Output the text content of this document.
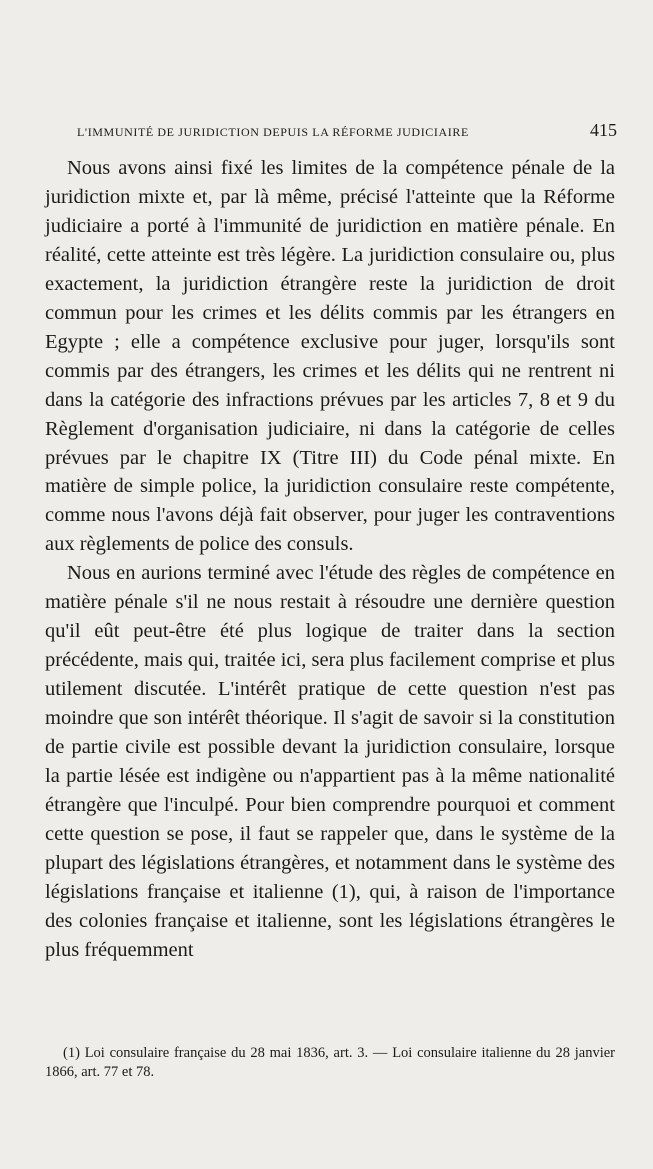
L'IMMUNITÉ DE JURIDICTION DEPUIS LA RÉFORME JUDICIAIRE	415

Nous avons ainsi fixé les limites de la compétence pénale de la juridiction mixte et, par là même, précisé l'atteinte que la Réforme judiciaire a porté à l'immunité de juridiction en matière pénale. En réalité, cette atteinte est très légère. La juridiction consulaire ou, plus exactement, la juridiction étrangère reste la juridiction de droit commun pour les crimes et les délits commis par les étrangers en Egypte ; elle a compétence exclusive pour juger, lorsqu'ils sont commis par des étrangers, les crimes et les délits qui ne rentrent ni dans la catégorie des infractions prévues par les articles 7, 8 et 9 du Règlement d'organisation judiciaire, ni dans la catégorie de celles prévues par le chapitre IX (Titre III) du Code pénal mixte. En matière de simple police, la juridiction consulaire reste compétente, comme nous l'avons déjà fait observer, pour juger les contraventions aux règlements de police des consuls.

Nous en aurions terminé avec l'étude des règles de compétence en matière pénale s'il ne nous restait à résoudre une dernière question qu'il eût peut-être été plus logique de traiter dans la section précédente, mais qui, traitée ici, sera plus facilement comprise et plus utilement discutée. L'intérêt pratique de cette question n'est pas moindre que son intérêt théorique. Il s'agit de savoir si la constitution de partie civile est possible devant la juridiction consulaire, lorsque la partie lésée est indigène ou n'appartient pas à la même nationalité étrangère que l'inculpé. Pour bien comprendre pourquoi et comment cette question se pose, il faut se rappeler que, dans le système de la plupart des législations étrangères, et notamment dans le système des législations française et italienne (1), qui, à raison de l'importance des colonies française et italienne, sont les législations étrangères le plus fréquemment

(1) Loi consulaire française du 28 mai 1836, art. 3. — Loi consulaire italienne du 28 janvier 1866, art. 77 et 78.
